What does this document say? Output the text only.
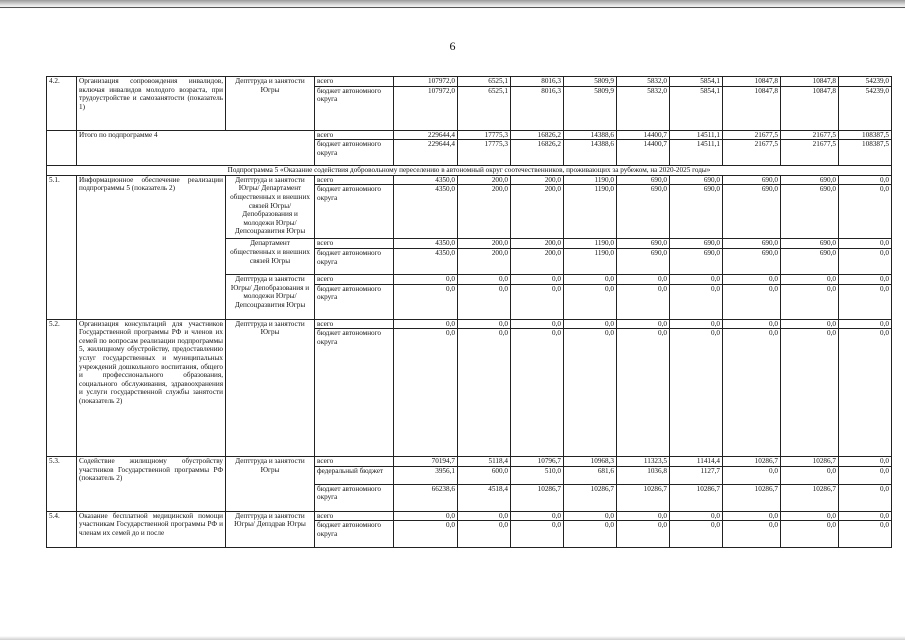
6
4.2.	Организация сопровождения инвалидов, включая инвалидов молодого возраста, при трудоустройстве и самозанятости (показатель 1)	Депттруда и занятости Югры	всего	107972,0	6525,1	8016,3	5809,9	5832,0	5854,1	10847,8	10847,8	54239,0
			бюджет автономного округа	107972,0	6525,1	8016,3	5809,9	5832,0	5854,1	10847,8	10847,8	54239,0
	Итого по подпрограмме 4		всего	229644,4	17775,3	16826,2	14388,6	14400,7	14511,1	21677,5	21677,5	108387,5
			бюджет автономного округа	229644,4	17775,3	16826,2	14388,6	14400,7	14511,1	21677,5	21677,5	108387,5
Подпрограмма 5 «Оказание содействия добровольному переселению в автономный округ соотечественников, проживающих за рубежом, на 2020-2025 годы»												
5.1.	Информационное обеспечение реализации подпрограммы 5 (показатель 2)	Депттруда и занятости Югры/ Департамент общественных и внешних связей Югры/Депобразования и молодежи Югры/ Депсоцразвития Югры	всего	4350,0	200,0	200,0	1190,0	690,0	690,0	690,0	690,0	0,0
			бюджет автономного округа	4350,0	200,0	200,0	1190,0	690,0	690,0	690,0	690,0	0,0
		Департамент общественных и внешних связей Югры	всего	4350,0	200,0	200,0	1190,0	690,0	690,0	690,0	690,0	0,0
			бюджет автономного округа	4350,0	200,0	200,0	1190,0	690,0	690,0	690,0	690,0	0,0
		Депттруда и занятости Югры/ Депобразования и молодежи Югры/ Депсоцразвития Югры	всего	0,0	0,0	0,0	0,0	0,0	0,0	0,0	0,0	0,0
			бюджет автономного округа	0,0	0,0	0,0	0,0	0,0	0,0	0,0	0,0	0,0
5.2.	Организация консультаций для участников Государственной программы РФ и членов их семей по вопросам реализации подпрограммы 5, жилищному обустройству, предоставлению услуг государственных и муниципальных учреждений дошкольного воспитания, общего и профессионального образования, социального обслуживания, здравоохранения и услуги государственной службы занятости (показатель 2)	Депттруда и занятости Югры	всего	0,0	0,0	0,0	0,0	0,0	0,0	0,0	0,0	0,0
			бюджет автономного округа	0,0	0,0	0,0	0,0	0,0	0,0	0,0	0,0	0,0
5.3.	Содействие жилищному обустройству участников Государственной программы РФ (показатель 2)	Депттруда и занятости Югры	всего	70194,7	5118,4	10796,7	10968,3	11323,5	11414,4	10286,7	10286,7	0,0
			федеральный бюджет	3956,1	600,0	510,0	681,6	1036,8	1127,7	0,0	0,0	0,0
			бюджет автономного округа	66238,6	4518,4	10286,7	10286,7	10286,7	10286,7	10286,7	10286,7	0,0
5.4.	Оказание бесплатной медицинской помощи участникам Государственной программы РФ и членам их семей до и после	Депттруда и занятости Югры/ Депздрав Югры	всего	0,0	0,0	0,0	0,0	0,0	0,0	0,0	0,0	0,0
			бюджет автономного округа	0,0	0,0	0,0	0,0	0,0	0,0	0,0	0,0	0,0
